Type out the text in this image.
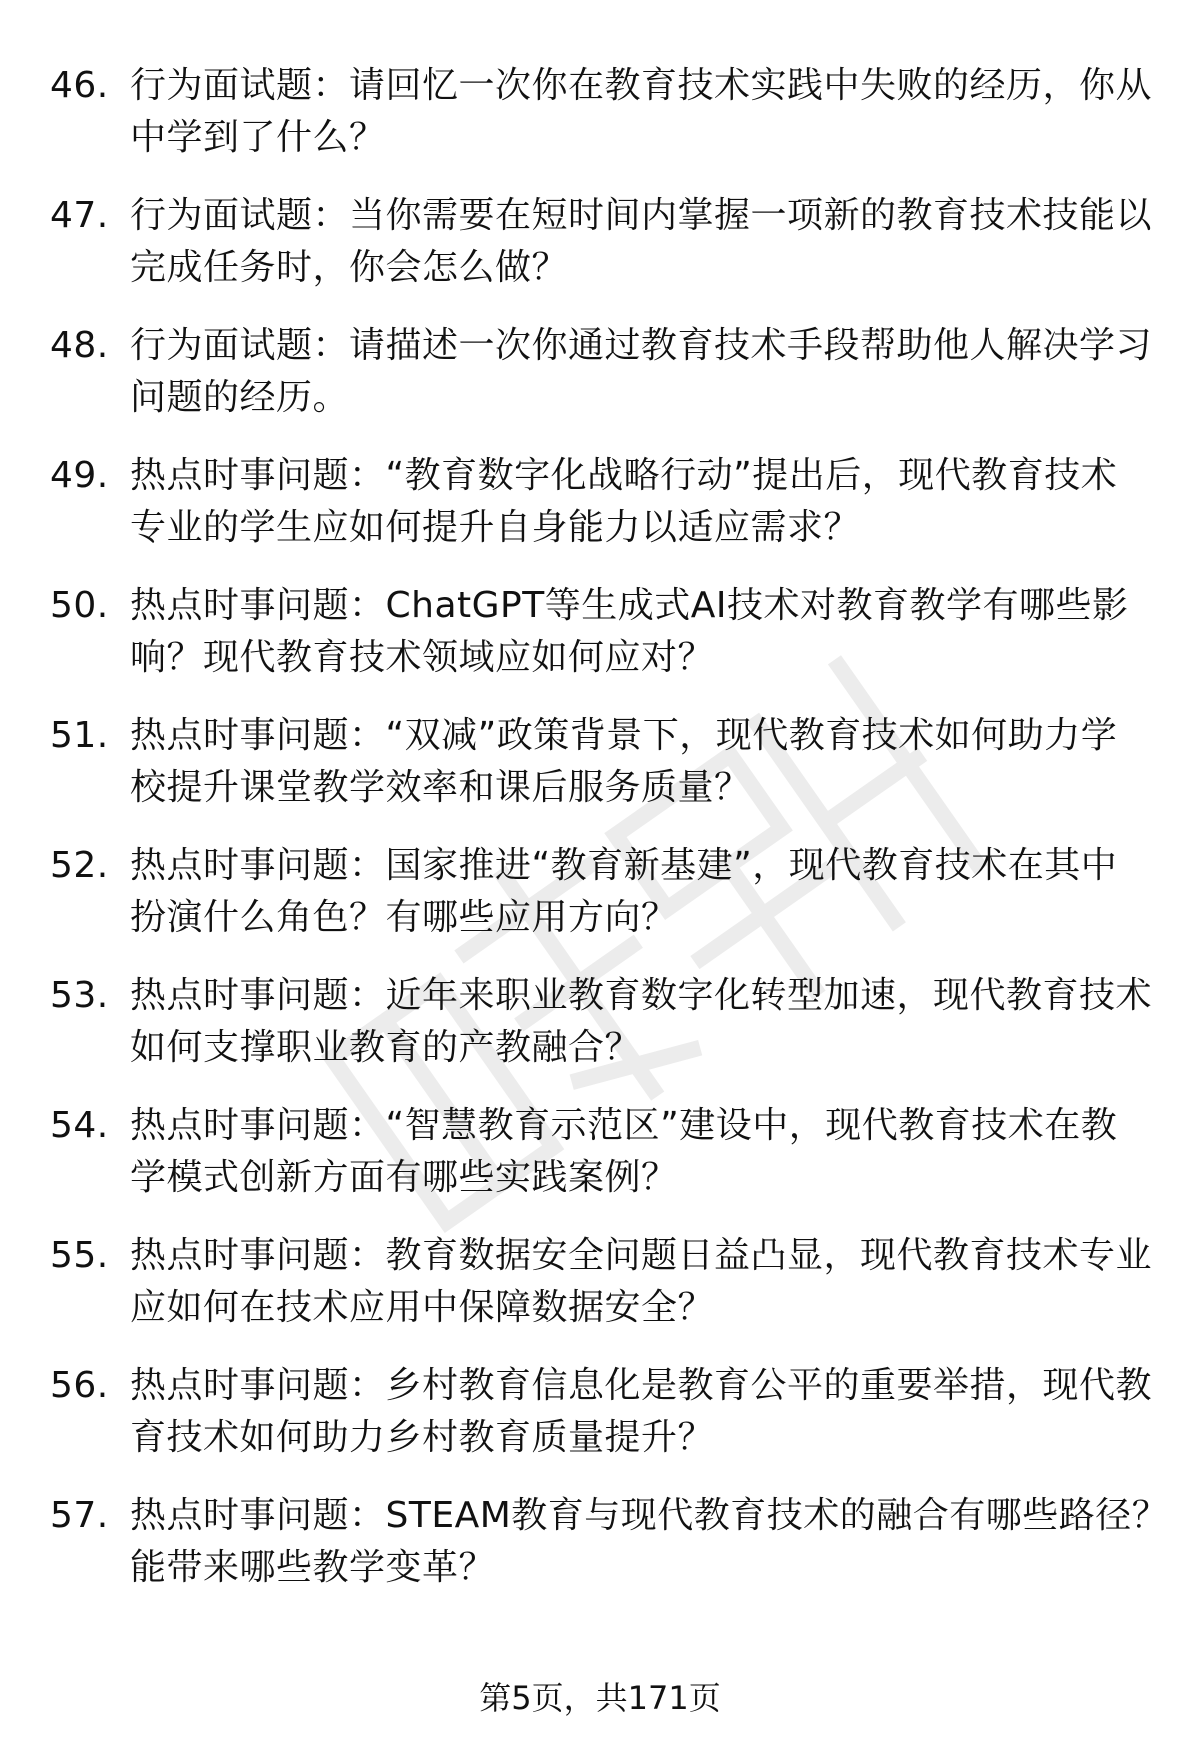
46. 行为面试题：请回忆一次你在教育技术实践中失败的经历，你从
中学到了什么？
47. 行为面试题：当你需要在短时间内掌握一项新的教育技术技能以
完成任务时，你会怎么做？
48. 行为面试题：请描述一次你通过教育技术手段帮助他人解决学习
问题的经历。
49. 热点时事问题：“教育数字化战略行动”提出后，现代教育技术
专业的学生应如何提升自身能力以适应需求？
50. 热点时事问题：ChatGPT等生成式AI技术对教育教学有哪些影
响？现代教育技术领域应如何应对？
51. 热点时事问题：“双减”政策背景下，现代教育技术如何助力学
校提升课堂教学效率和课后服务质量？
52. 热点时事问题：国家推进“教育新基建”，现代教育技术在其中
扮演什么角色？有哪些应用方向？
53. 热点时事问题：近年来职业教育数字化转型加速，现代教育技术
如何支撑职业教育的产教融合？
54. 热点时事问题：“智慧教育示范区”建设中，现代教育技术在教
学模式创新方面有哪些实践案例？
55. 热点时事问题：教育数据安全问题日益凸显，现代教育技术专业
应如何在技术应用中保障数据安全？
56. 热点时事问题：乡村教育信息化是教育公平的重要举措，现代教
育技术如何助力乡村教育质量提升？
57. 热点时事问题：STEAM教育与现代教育技术的融合有哪些路径？
能带来哪些教学变革？
第5页，共171页
